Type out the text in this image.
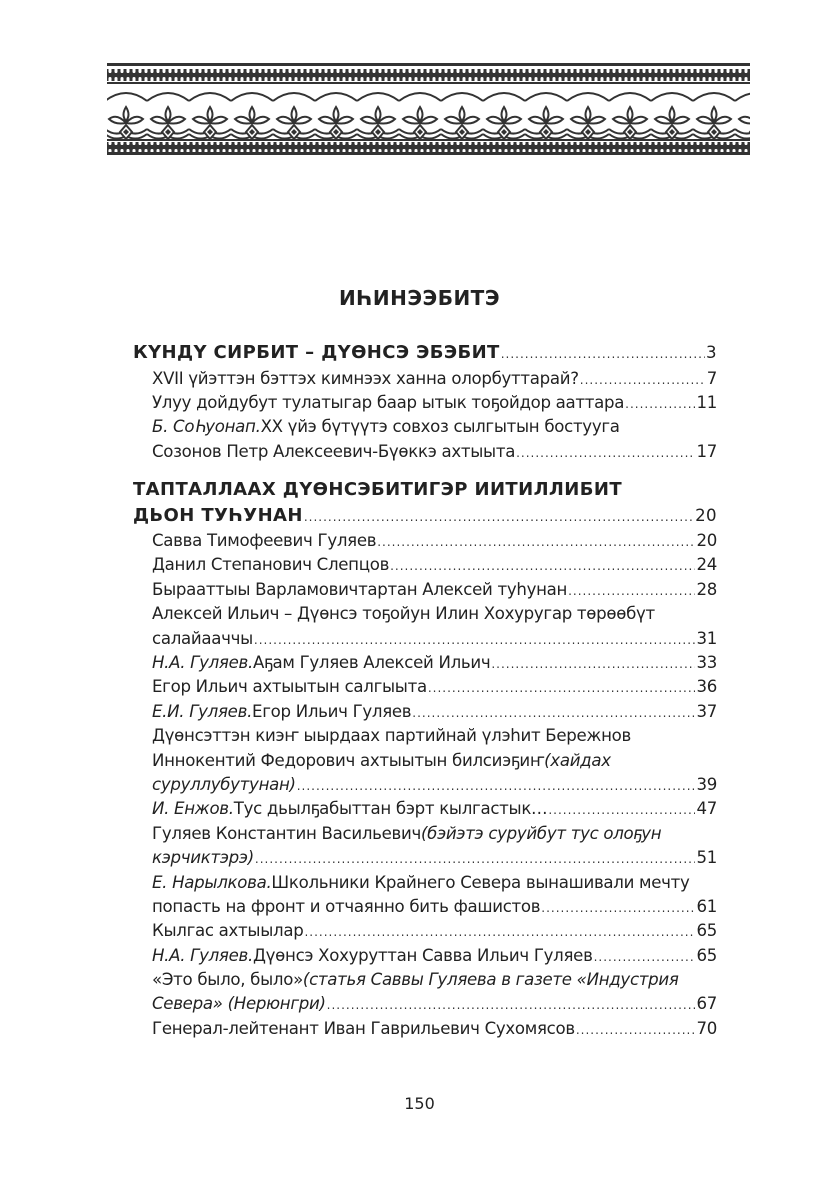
ИҺИНЭЭБИТЭ
КҮНДҮ СИРБИТ – ДҮӨНСЭ ЭБЭБИТ .....	3
XVII үйэттэн бэттэх кимнээх ханна олорбуттарай? .....	7
Улуу дойдубут тулатыгар баар ытык тоҕойдор ааттара .....	11
Б. СоҺуонап. ХХ үйэ бүтүүтэ совхоз сылгытын бостууга
Созонов Петр Алексеевич-Бүөккэ ахтыыта .....	17
ТАПТАЛЛААХ ДҮӨНСЭБИТИГЭР ИИТИЛЛИБИТ
ДЬОН ТУҺУНАН .....	20
Савва Тимофеевич Гуляев .....	20
Данил Степанович Слепцов .....	24
Бырааттыы Варламовичтартан Алексей туһунан .....	28
Алексей Ильич – Дүөнсэ тоҕойун Илин Хохуругар төрөөбүт
салайааччы .....	31
Н.А. Гуляев. Аҕам Гуляев Алексей Ильич .....	33
Егор Ильич ахтыытын салгыыта .....	36
Е.И. Гуляев. Егор Ильич Гуляев .....	37
Дүөнсэттэн киэҥ ыырдаах партийнай үлэһит Бережнов
Иннокентий Федорович ахтыытын билсиэҕиҥ (хайдах
суруллубутунан) .....	39
И. Енжов. Тус дьылҕабыттан бэрт кылгастык… .....	47
Гуляев Константин Васильевич (бэйэтэ суруйбут тус олоҕун
кэрчиктэрэ) .....	51
Е. Нарылкова. Школьники Крайнего Севера вынашивали мечту
попасть на фронт и отчаянно бить фашистов .....	61
Кылгас ахтыылар .....	65
Н.А. Гуляев. Дүөнсэ Хохуруттан Савва Ильич Гуляев .....	65
«Это было, было» (статья Саввы Гуляева в газете «Индустрия
Севера» (Нерюнгри) .....	67
Генерал-лейтенант Иван Гаврильевич Сухомясов .....	70
150
